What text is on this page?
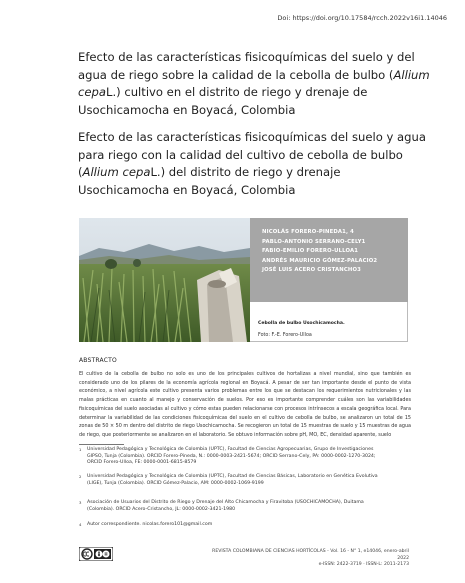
Doi: https://doi.org/10.17584/rcch.2022v16i1.14046
Efecto de las características fisicoquímicas del suelo y del agua de riego sobre la calidad de la cebolla de bulbo (Allium cepaL.) cultivo en el distrito de riego y drenaje de Usochicamocha en Boyacá, Colombia
Efecto de las características fisicoquímicas del suelo y agua para riego con la calidad del cultivo de cebolla de bulbo (Allium cepaL.) del distrito de riego y drenaje Usochicamocha en Boyacá, Colombia
NICOLÁS FORERO-PINEDA1, 4
PABLO-ANTONIO SERRANO-CELY1
FABIO-EMILIO FORERO-ULLOA1
ANDRÉS MAURICIO GÓMEZ-PALACIO2
JOSÉ LUIS ACERO CRISTANCHO3
Cebolla de bulbo Usochicamocha.
Foto: F.-E. Forero-Ulloa
ABSTRACTO

El cultivo de la cebolla de bulbo no solo es uno de los principales cultivos de hortalizas a nivel mundial, sino que también es considerado uno de los pilares de la economía agrícola regional en Boyacá. A pesar de ser tan importante desde el punto de vista económico, a nivel agrícola este cultivo presenta varios problemas entre los que se destacan los requerimientos nutricionales y las malas prácticas en cuanto al manejo y conservación de suelos. Por eso es importante comprender cuáles son las variabilidades fisicoquímicas del suelo asociadas al cultivo y cómo estas pueden relacionarse con procesos intrínsecos a escala geográfica local. Para determinar la variabilidad de las condiciones fisicoquímicas del suelo en el cultivo de cebolla de bulbo, se analizaron un total de 15 zonas de 50 × 50 m dentro del distrito de riego Usochicamocha. Se recogieron un total de 15 muestras de suelo y 15 muestras de agua de riego, que posteriormente se analizaron en el laboratorio. Se obtuvo información sobre pH, MO, EC, densidad aparente, suelo

1 Universidad Pedagógica y Tecnológica de Colombia (UPTC), Facultad de Ciencias Agropecuarias, Grupo de Investigaciones GIPSO, Tunja (Colombia). ORCID Forero-Pineda, N.: 0000-0003-2421-5674; ORCID Serrano-Cely, PA: 0000-0002-1270-3024; ORCID Forero-Ulloa, FE: 0000-0001-6815-8579
2 Universidad Pedagógica y Tecnológica de Colombia (UPTC), Facultad de Ciencias Básicas, Laboratorio en Genética Evolutiva (LIGE), Tunja (Colombia). ORCID Gómez-Palacio, AM: 0000-0002-1069-9199
3 Asociación de Usuarios del Distrito de Riego y Drenaje del Alto Chicamocha y Firavitoba (USOCHICAMOCHA), Duitama (Colombia). ORCID Acero-Cristancho, JL: 0000-0002-3421-1980
4 Autor correspondiente. nicolas.forero101@gmail.com
REVISTA COLOMBIANA DE CIENCIAS HORTÍCOLAS - Vol. 16 - N° 1, e14046, enero-abril 2022
e-ISSN: 2422-3719 · ISSN-L: 2011-2173
